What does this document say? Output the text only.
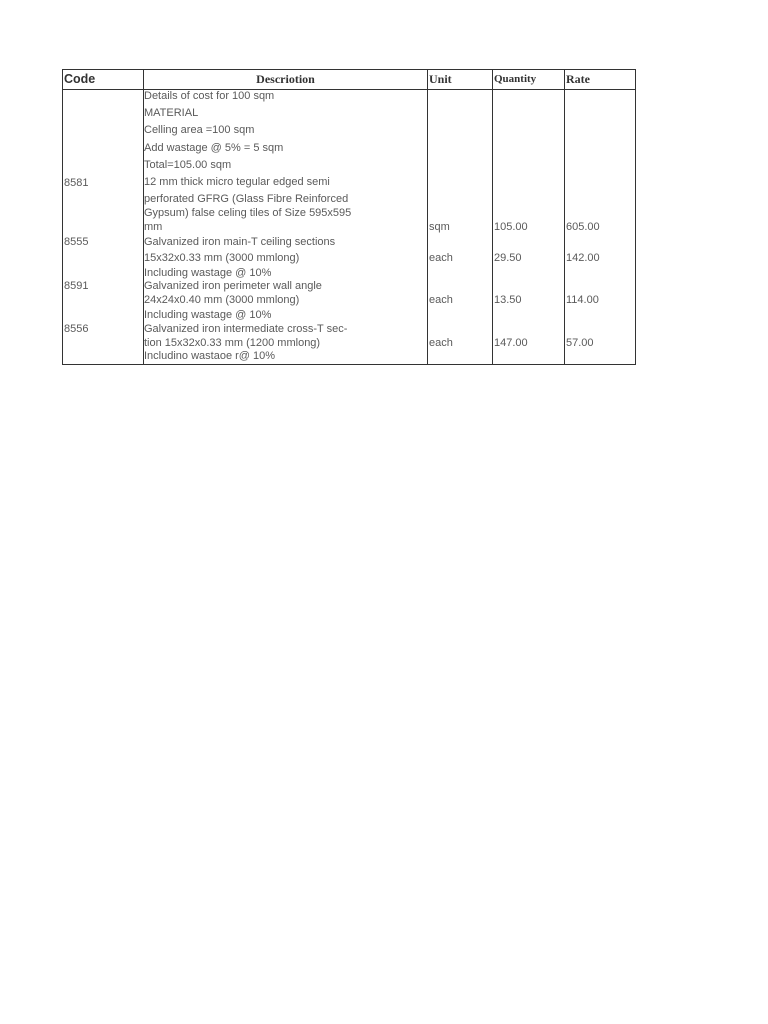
Code	Descriotion	Unit	Quantity	Rate
Details of cost for 100 sqm
MATERIAL
Celling area =100 sqm
Add wastage @ 5% = 5 sqm
Total=105.00 sqm
8581	12 mm thick micro tegular edged semi
perforated GFRG (Glass Fibre Reinforced
Gypsum) false celing tiles of Size 595x595
mm	sqm	105.00	605.00
8555	Galvanized iron main-T ceiling sections
15x32x0.33 mm (3000 mmlong)
Including wastage @ 10%
each	29.50	142.00
8591	Galvanized iron perimeter wall angle
24x24x0.40 mm (3000 mmlong)
Including wastage @ 10%
each	13.50	114.00
8556	Galvanized iron intermediate cross-T sec-
tion 15x32x0.33 mm (1200 mmlong)
Includino wastaoe r@ 10%
each	147.00	57.00
